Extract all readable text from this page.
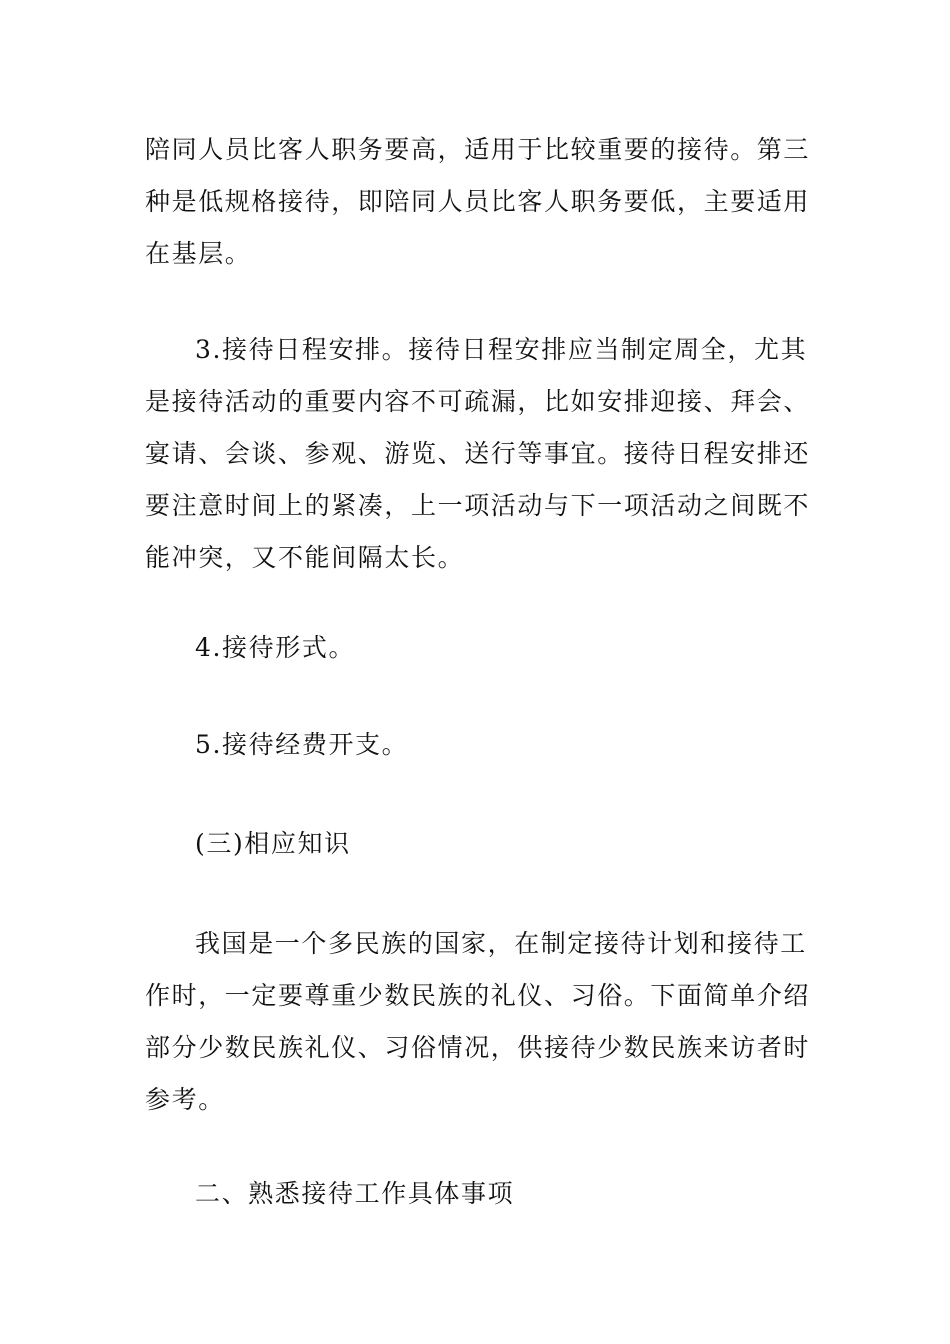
陪同人员比客人职务要高，适用于比较重要的接待。第三
种是低规格接待，即陪同人员比客人职务要低，主要适用
在基层。
3.接待日程安排。接待日程安排应当制定周全，尤其
是接待活动的重要内容不可疏漏，比如安排迎接、拜会、
宴请、会谈、参观、游览、送行等事宜。接待日程安排还
要注意时间上的紧凑，上一项活动与下一项活动之间既不
能冲突，又不能间隔太长。
4.接待形式。
5.接待经费开支。
(三)相应知识
我国是一个多民族的国家，在制定接待计划和接待工
作时，一定要尊重少数民族的礼仪、习俗。下面简单介绍
部分少数民族礼仪、习俗情况，供接待少数民族来访者时
参考。
二、熟悉接待工作具体事项
